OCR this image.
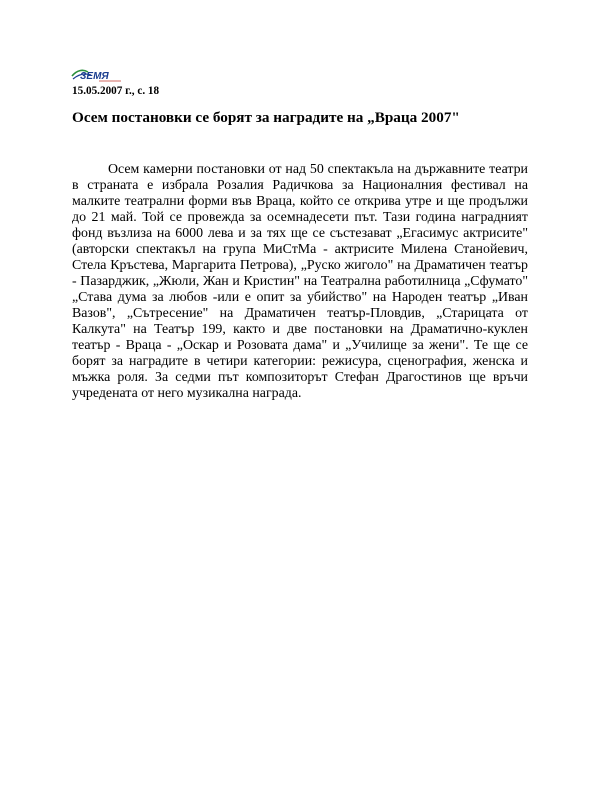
ЗЕМЯ
15.05.2007 г., с. 18
Осем постановки се борят за наградите на „Враца 2007"

Осем камерни постановки от над 50 спектакъла на държавните театри в страната е избрала Розалия Радичкова за Националния фестивал на малките театрални форми във Враца, който се открива утре и ще продължи до 21 май. Той се провежда за осемнадесети път. Тази година наградният фонд възлиза на 6000 лева и за тях ще се състезават „Егасимус актрисите" (авторски спектакъл на група МиСтМа - актрисите Милена Станойевич, Стела Кръстева, Маргарита Петрова), „Руско жиголо" на Драматичен театър - Пазарджик, „Жюли, Жан и Кристин" на Театрална работилница „Сфумато" „Става дума за любов -или е опит за убийство" на Народен театър „Иван Вазов", „Сътресение" на Драматичен театър-Пловдив, „Старицата от Калкута" на Театър 199, както и две постановки на Драматично-куклен театър - Враца - „Оскар и Розовата дама" и „Училище за жени". Те ще се борят за наградите в четири категории: режисура, сценография, женска и мъжка роля. За седми път композиторът Стефан Драгостинов ще връчи учредената от него музикална награда.
